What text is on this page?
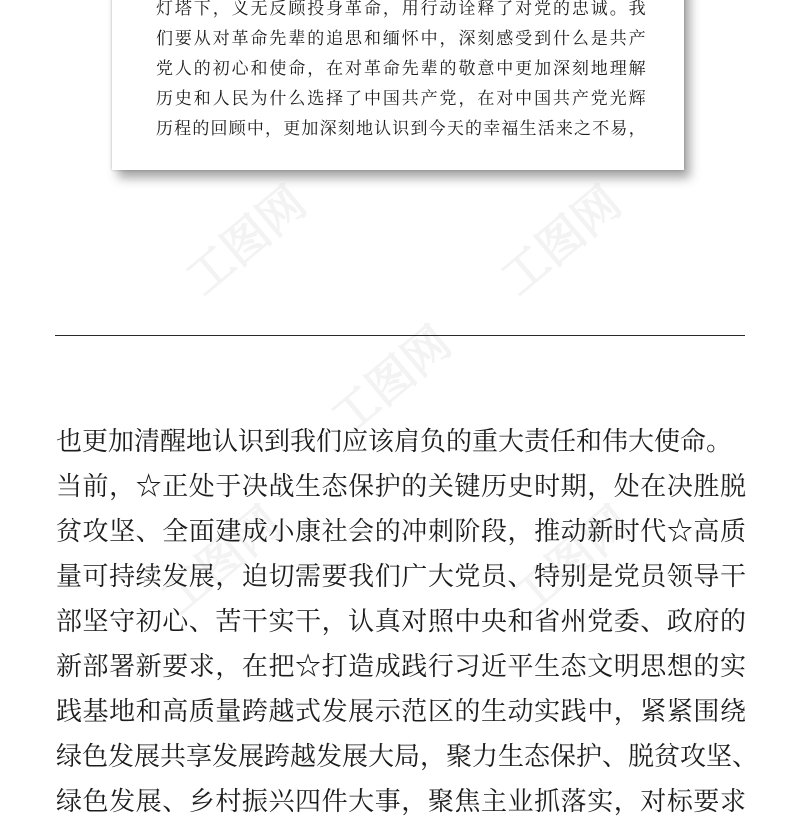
灯塔下，义无反顾投身革命，用行动诠释了对党的忠诚。我
们要从对革命先辈的追思和缅怀中，深刻感受到什么是共产
党人的初心和使命，在对革命先辈的敬意中更加深刻地理解
历史和人民为什么选择了中国共产党，在对中国共产党光辉
历程的回顾中，更加深刻地认识到今天的幸福生活来之不易，

工图网	工图网
工图网
工图网	工图网

也更加清醒地认识到我们应该肩负的重大责任和伟大使命。
当前，☆正处于决战生态保护的关键历史时期，处在决胜脱
贫攻坚、全面建成小康社会的冲刺阶段，推动新时代☆高质
量可持续发展，迫切需要我们广大党员、特别是党员领导干
部坚守初心、苦干实干，认真对照中央和省州党委、政府的
新部署新要求，在把☆打造成践行习近平生态文明思想的实
践基地和高质量跨越式发展示范区的生动实践中，紧紧围绕
绿色发展共享发展跨越发展大局，聚力生态保护、脱贫攻坚、
绿色发展、乡村振兴四件大事，聚焦主业抓落实，对标要求
